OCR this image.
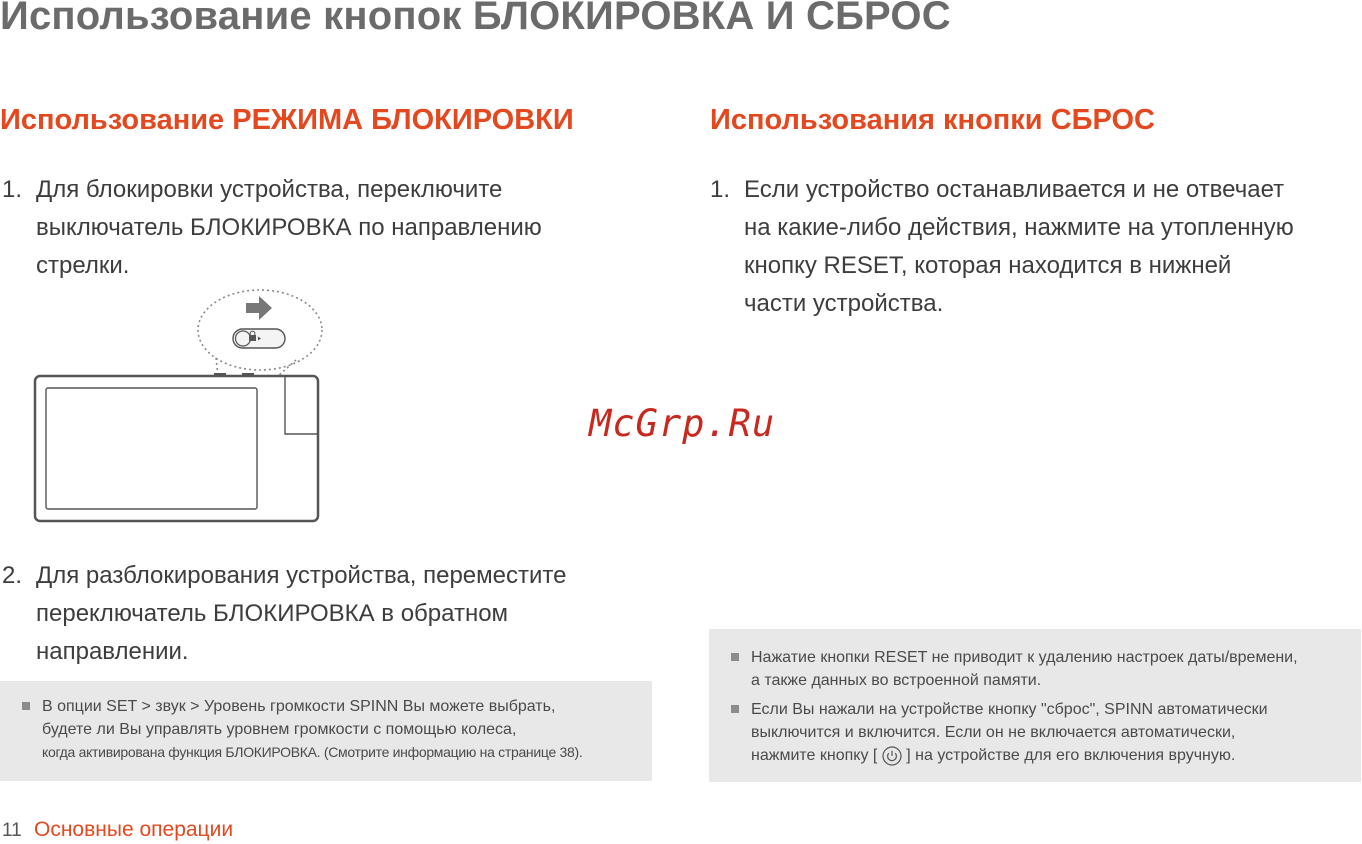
Использование кнопок БЛОКИРОВКА И СБРОС
Использование РЕЖИМА БЛОКИРОВКИ
1. Для блокировки устройства, переключите
выключатель БЛОКИРОВКА по направлению
стрелки.
2. Для разблокирования устройства, переместите
переключатель БЛОКИРОВКА в обратном
направлении.
В опции SET > звук > Уровень громкости SPINN Вы можете выбрать,
будете ли Вы управлять уровнем громкости с помощью колеса,
когда активирована функция БЛОКИРОВКА. (Смотрите информацию на странице 38).
Использования кнопки СБРОС
1. Если устройство останавливается и не отвечает
на какие-либо действия, нажмите на утопленную
кнопку RESET, которая находится в нижней
части устройства.
Нажатие кнопки RESET не приводит к удалению настроек даты/времени,
а также данных во встроенной памяти.
Если Вы нажали на устройстве кнопку "сброс", SPINN автоматически
выключится и включится. Если он не включается автоматически,
нажмите кнопку [ ] на устройстве для его включения вручную.
McGrp.Ru
11 Основные операции
